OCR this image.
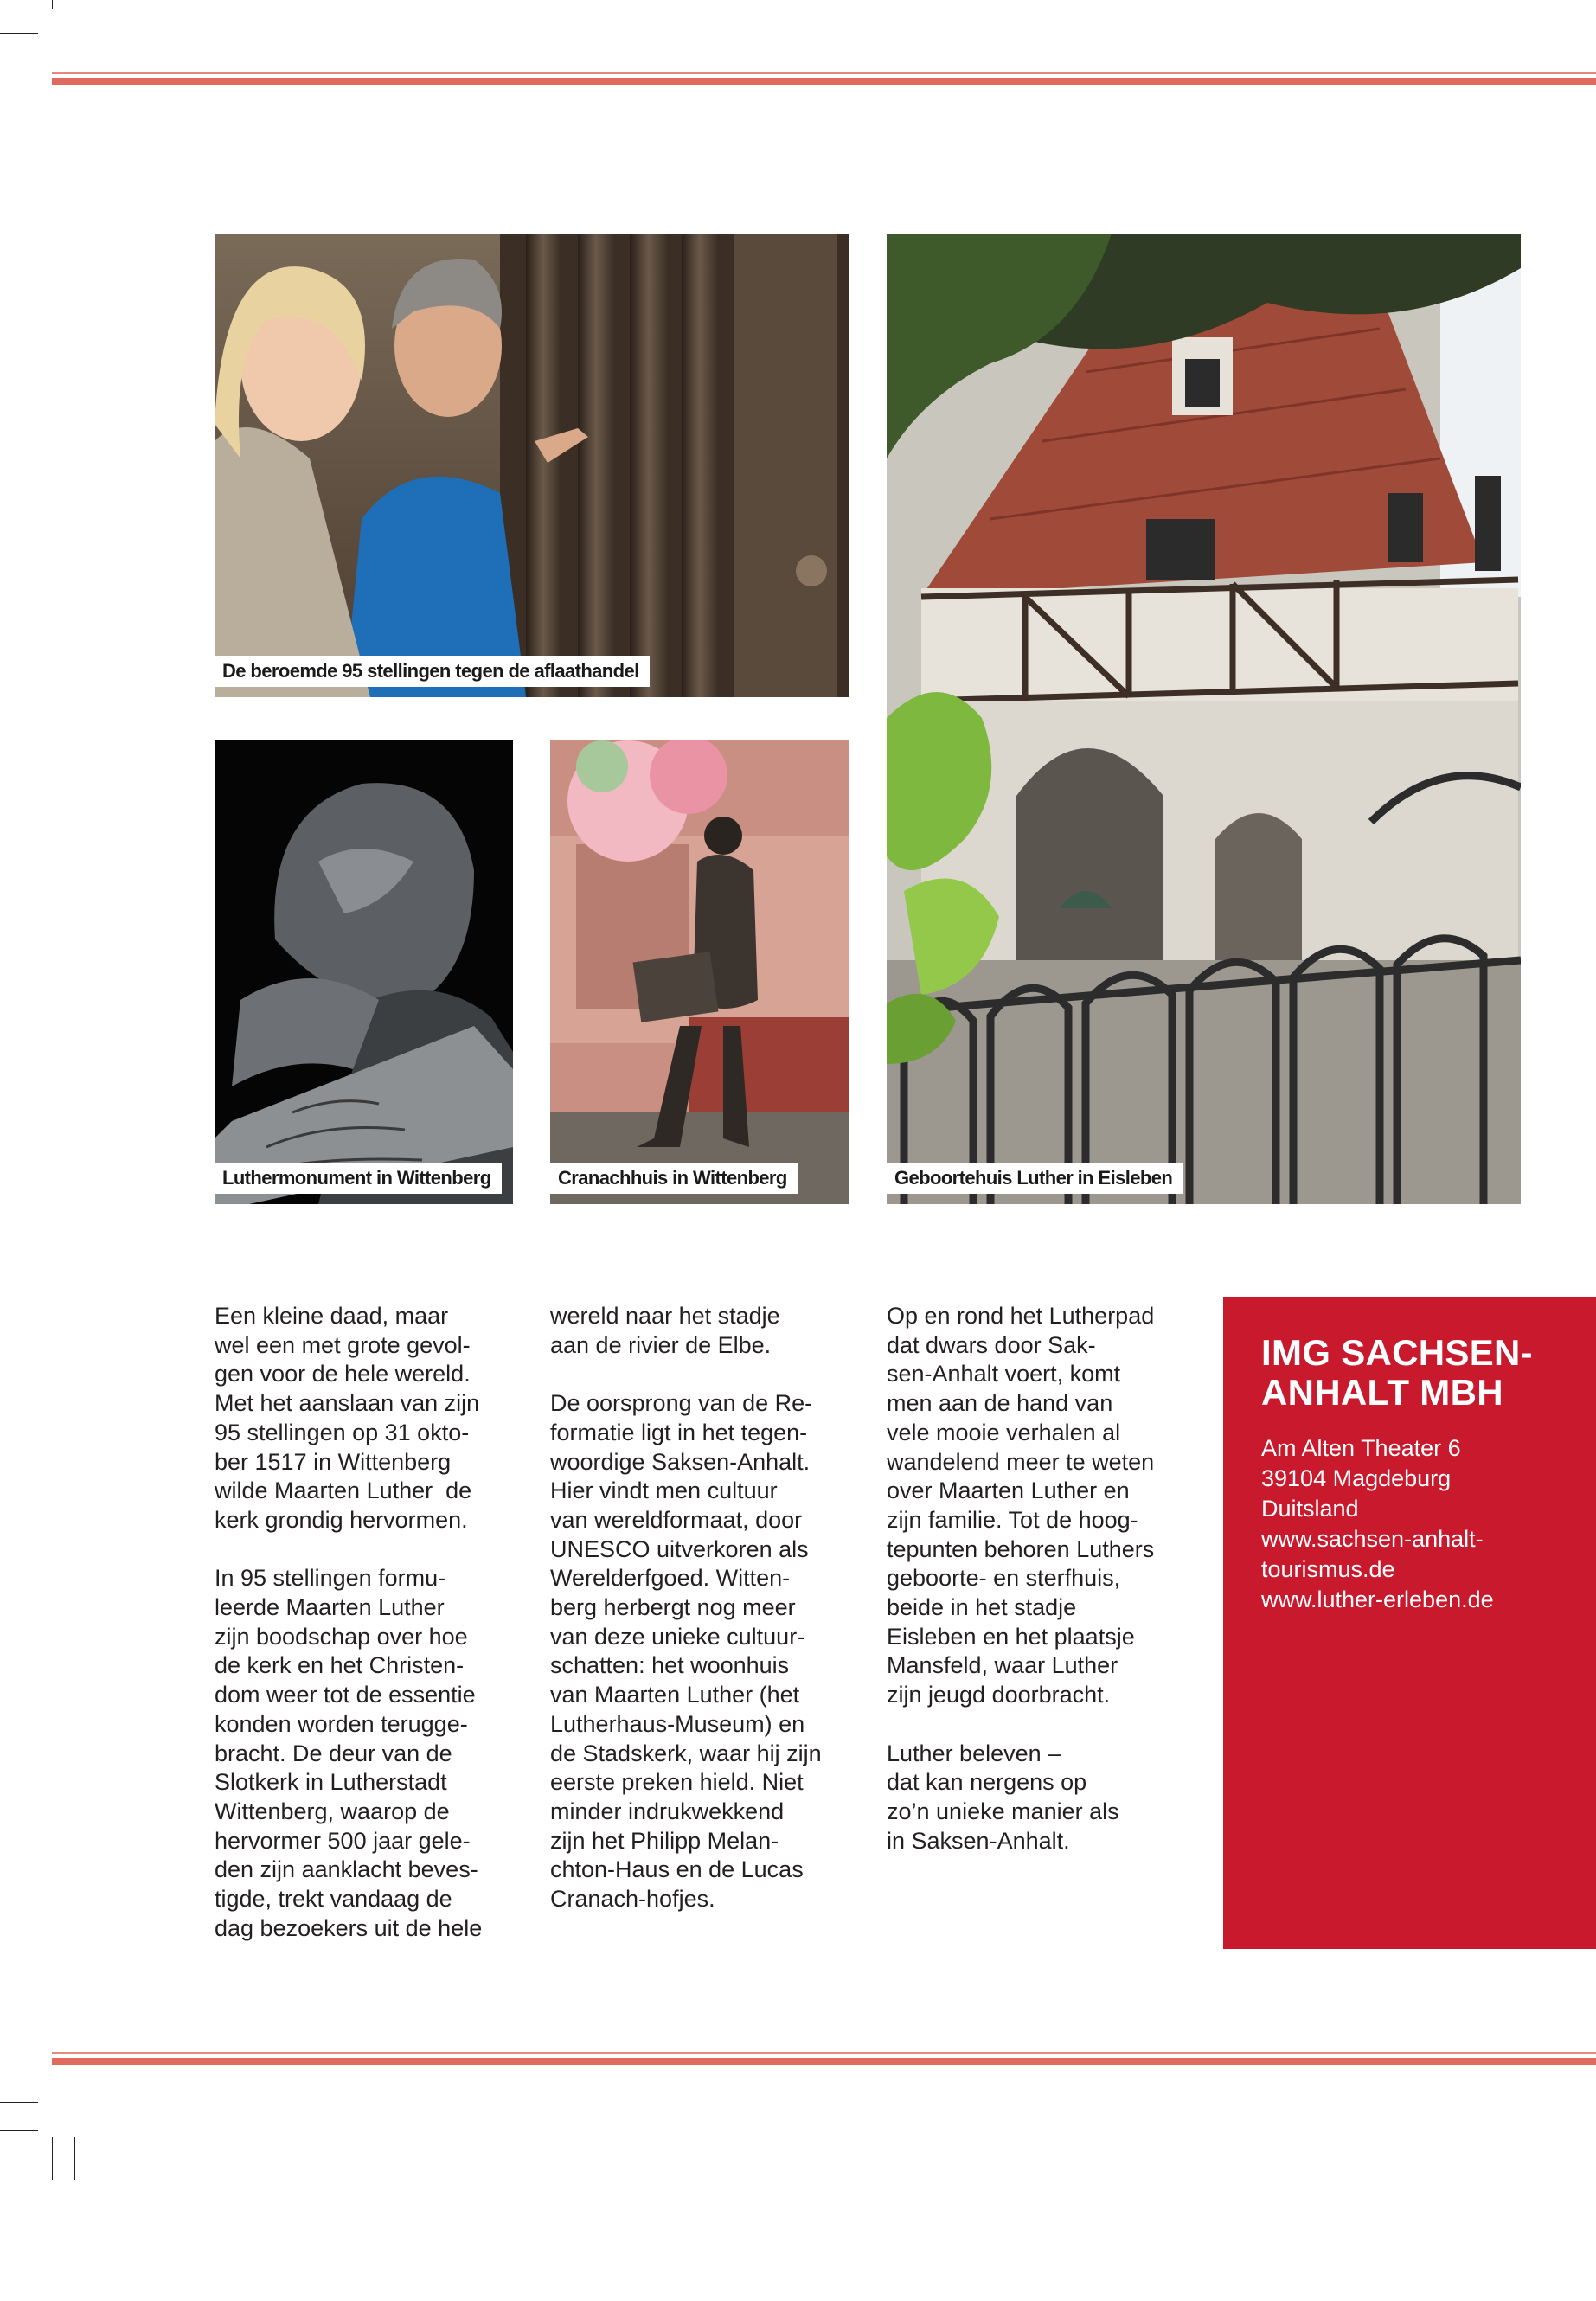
De beroemde 95 stellingen tegen de aflaathandel
Luthermonument in Wittenberg	Cranachhuis in Wittenberg	Geboortehuis Luther in Eisleben

Een kleine daad, maar
wel een met grote gevol-
gen voor de hele wereld.
Met het aanslaan van zijn
95 stellingen op 31 okto-
ber 1517 in Wittenberg
wilde Maarten Luther  de
kerk grondig hervormen.

In 95 stellingen formu-
leerde Maarten Luther
zijn boodschap over hoe
de kerk en het Christen-
dom weer tot de essentie
konden worden terugge-
bracht. De deur van de
Slotkerk in Lutherstadt
Wittenberg, waarop de
hervormer 500 jaar gele-
den zijn aanklacht beves-
tigde, trekt vandaag de
dag bezoekers uit de hele

wereld naar het stadje
aan de rivier de Elbe.

De oorsprong van de Re-
formatie ligt in het tegen-
woordige Saksen-Anhalt.
Hier vindt men cultuur
van wereldformaat, door
UNESCO uitverkoren als
Werelderfgoed. Witten-
berg herbergt nog meer
van deze unieke cultuur-
schatten: het woonhuis
van Maarten Luther (het
Lutherhaus-Museum) en
de Stadskerk, waar hij zijn
eerste preken hield. Niet
minder indrukwekkend
zijn het Philipp Melan-
chton-Haus en de Lucas
Cranach-hofjes.

Op en rond het Lutherpad
dat dwars door Sak-
sen-Anhalt voert, komt
men aan de hand van
vele mooie verhalen al
wandelend meer te weten
over Maarten Luther en
zijn familie. Tot de hoog-
tepunten behoren Luthers
geboorte- en sterfhuis,
beide in het stadje
Eisleben en het plaatsje
Mansfeld, waar Luther
zijn jeugd doorbracht.

Luther beleven –
dat kan nergens op
zo’n unieke manier als
in Saksen-Anhalt.

IMG SACHSEN-
ANHALT MBH
Am Alten Theater 6
39104 Magdeburg
Duitsland
www.sachsen-anhalt-
tourismus.de
www.luther-erleben.de
